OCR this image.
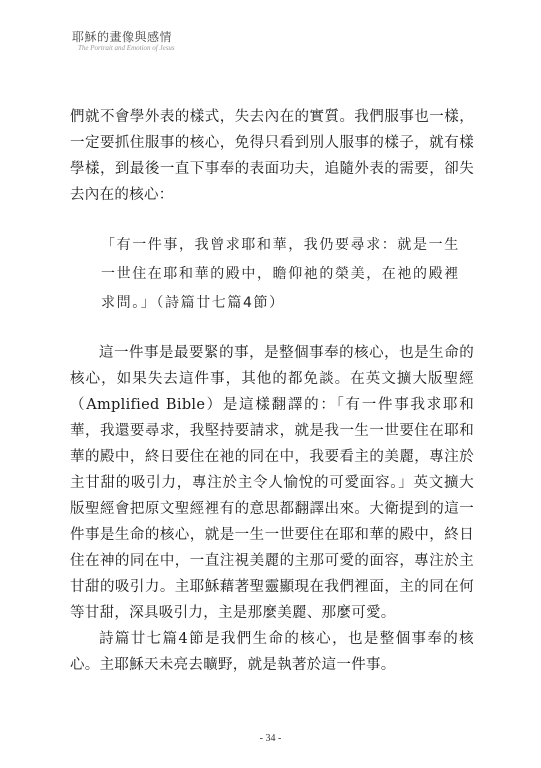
耶穌的畫像與感情
The Portrait and Emotion of Jesus

們就不會學外表的樣式，失去內在的實質。我們服事也一樣，一定要抓住服事的核心，免得只看到別人服事的樣子，就有樣學樣，到最後一直下事奉的表面功夫，追隨外表的需要，卻失去內在的核心：

「有一件事，我曾求耶和華，我仍要尋求：就是一生
一世住在耶和華的殿中，瞻仰祂的榮美，在祂的殿裡
求問。」（詩篇廿七篇4節）

這一件事是最要緊的事，是整個事奉的核心，也是生命的核心，如果失去這件事，其他的都免談。在英文擴大版聖經（Amplified Bible）是這樣翻譯的：「有一件事我求耶和華，我還要尋求，我堅持要請求，就是我一生一世要住在耶和華的殿中，終日要住在祂的同在中，我要看主的美麗，專注於主甘甜的吸引力，專注於主令人愉悅的可愛面容。」英文擴大版聖經會把原文聖經裡有的意思都翻譯出來。大衛提到的這一件事是生命的核心，就是一生一世要住在耶和華的殿中，終日住在神的同在中，一直注視美麗的主那可愛的面容，專注於主甘甜的吸引力。主耶穌藉著聖靈顯現在我們裡面，主的同在何等甘甜，深具吸引力，主是那麼美麗、那麼可愛。

詩篇廿七篇4節是我們生命的核心，也是整個事奉的核心。主耶穌天未亮去曠野，就是執著於這一件事。

- 34 -
